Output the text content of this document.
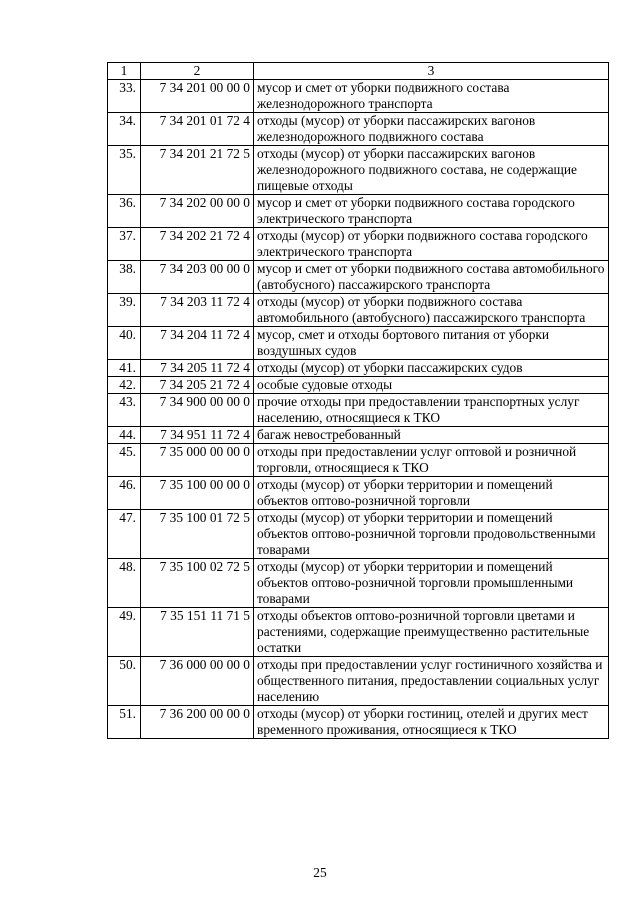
1	2	3
33.	7 34 201 00 00 0	мусор и смет от уборки подвижного состава железнодорожного транспорта
34.	7 34 201 01 72 4	отходы (мусор) от уборки пассажирских вагонов железнодорожного подвижного состава
35.	7 34 201 21 72 5	отходы (мусор) от уборки пассажирских вагонов железнодорожного подвижного состава, не содержащие пищевые отходы
36.	7 34 202 00 00 0	мусор и смет от уборки подвижного состава городского электрического транспорта
37.	7 34 202 21 72 4	отходы (мусор) от уборки подвижного состава городского электрического транспорта
38.	7 34 203 00 00 0	мусор и смет от уборки подвижного состава автомобильного (автобусного) пассажирского транспорта
39.	7 34 203 11 72 4	отходы (мусор) от уборки подвижного состава автомобильного (автобусного) пассажирского транспорта
40.	7 34 204 11 72 4	мусор, смет и отходы бортового питания от уборки воздушных судов
41.	7 34 205 11 72 4	отходы (мусор) от уборки пассажирских судов
42.	7 34 205 21 72 4	особые судовые отходы
43.	7 34 900 00 00 0	прочие отходы при предоставлении транспортных услуг населению, относящиеся к ТКО
44.	7 34 951 11 72 4	багаж невостребованный
45.	7 35 000 00 00 0	отходы при предоставлении услуг оптовой и розничной торговли, относящиеся к ТКО
46.	7 35 100 00 00 0	отходы (мусор) от уборки территории и помещений объектов оптово-розничной торговли
47.	7 35 100 01 72 5	отходы (мусор) от уборки территории и помещений объектов оптово-розничной торговли продовольственными товарами
48.	7 35 100 02 72 5	отходы (мусор) от уборки территории и помещений объектов оптово-розничной торговли промышленными товарами
49.	7 35 151 11 71 5	отходы объектов оптово-розничной торговли цветами и растениями, содержащие преимущественно растительные остатки
50.	7 36 000 00 00 0	отходы при предоставлении услуг гостиничного хозяйства и общественного питания, предоставлении социальных услуг населению
51.	7 36 200 00 00 0	отходы (мусор) от уборки гостиниц, отелей и других мест временного проживания, относящиеся к ТКО
25
